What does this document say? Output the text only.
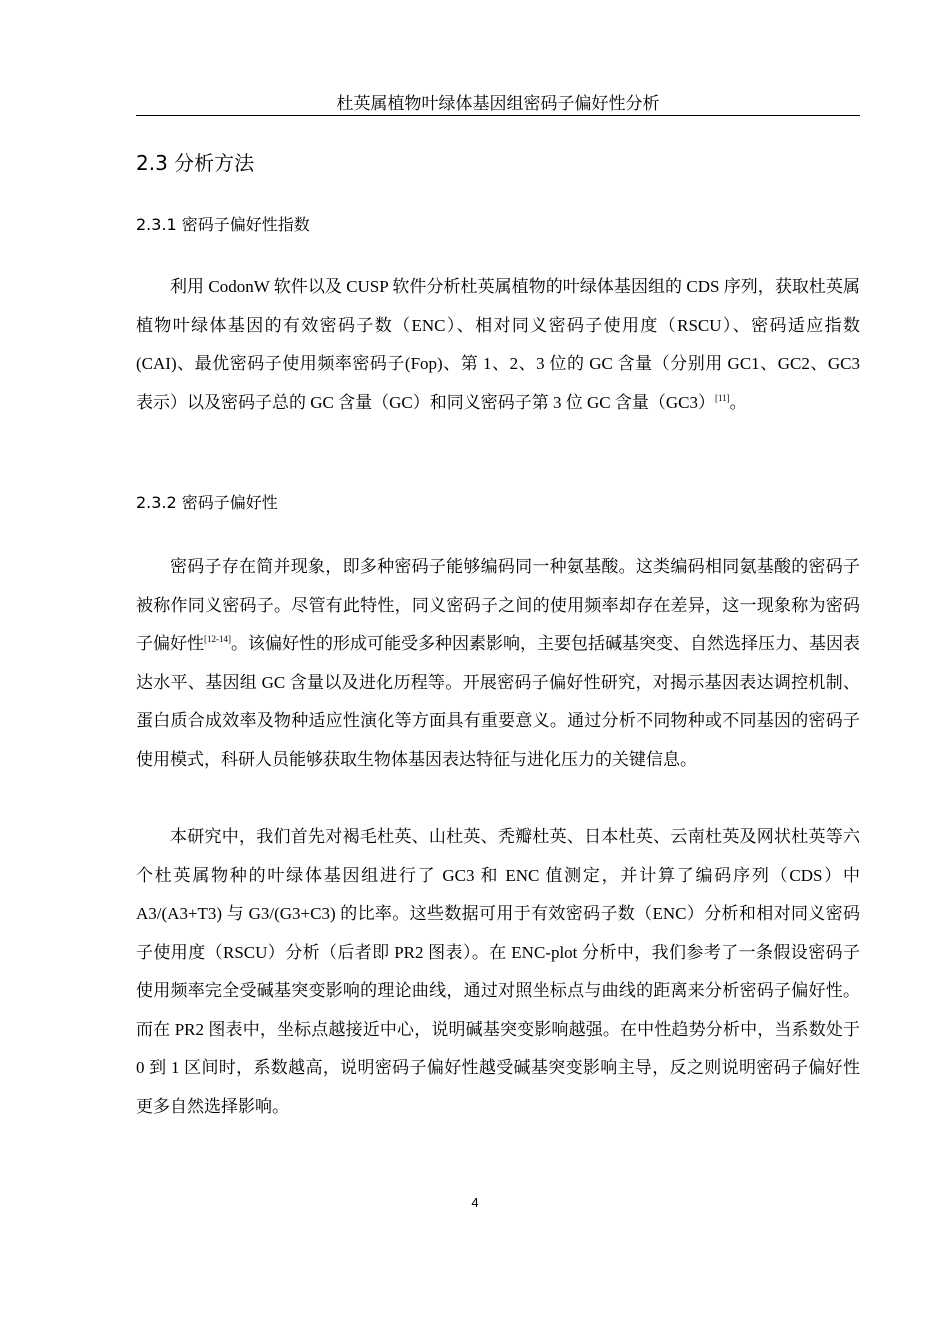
杜英属植物叶绿体基因组密码子偏好性分析
2.3 分析方法
2.3.1 密码子偏好性指数

利用 CodonW 软件以及 CUSP 软件分析杜英属植物的叶绿体基因组的 CDS 序列，获取杜英属植物叶绿体基因的有效密码子数（ENC）、相对同义密码子使用度（RSCU）、密码适应指数(CAI)、最优密码子使用频率密码子(Fop)、第 1、2、3 位的 GC 含量（分别用 GC1、GC2、GC3 表示）以及密码子总的 GC 含量（GC）和同义密码子第 3 位 GC 含量（GC3）[11]。

2.3.2 密码子偏好性

密码子存在简并现象，即多种密码子能够编码同一种氨基酸。这类编码相同氨基酸的密码子被称作同义密码子。尽管有此特性，同义密码子之间的使用频率却存在差异，这一现象称为密码子偏好性[12-14]。该偏好性的形成可能受多种因素影响，主要包括碱基突变、自然选择压力、基因表达水平、基因组 GC 含量以及进化历程等。开展密码子偏好性研究，对揭示基因表达调控机制、蛋白质合成效率及物种适应性演化等方面具有重要意义。通过分析不同物种或不同基因的密码子使用模式，科研人员能够获取生物体基因表达特征与进化压力的关键信息。

本研究中，我们首先对褐毛杜英、山杜英、秃瓣杜英、日本杜英、云南杜英及网状杜英等六个杜英属物种的叶绿体基因组进行了 GC3 和 ENC 值测定，并计算了编码序列（CDS）中 A3/(A3+T3) 与 G3/(G3+C3) 的比率。这些数据可用于有效密码子数（ENC）分析和相对同义密码子使用度（RSCU）分析（后者即 PR2 图表）。在 ENC-plot 分析中，我们参考了一条假设密码子使用频率完全受碱基突变影响的理论曲线，通过对照坐标点与曲线的距离来分析密码子偏好性。而在 PR2 图表中，坐标点越接近中心，说明碱基突变影响越强。在中性趋势分析中，当系数处于 0 到 1 区间时，系数越高，说明密码子偏好性越受碱基突变影响主导，反之则说明密码子偏好性更多自然选择影响。

4
